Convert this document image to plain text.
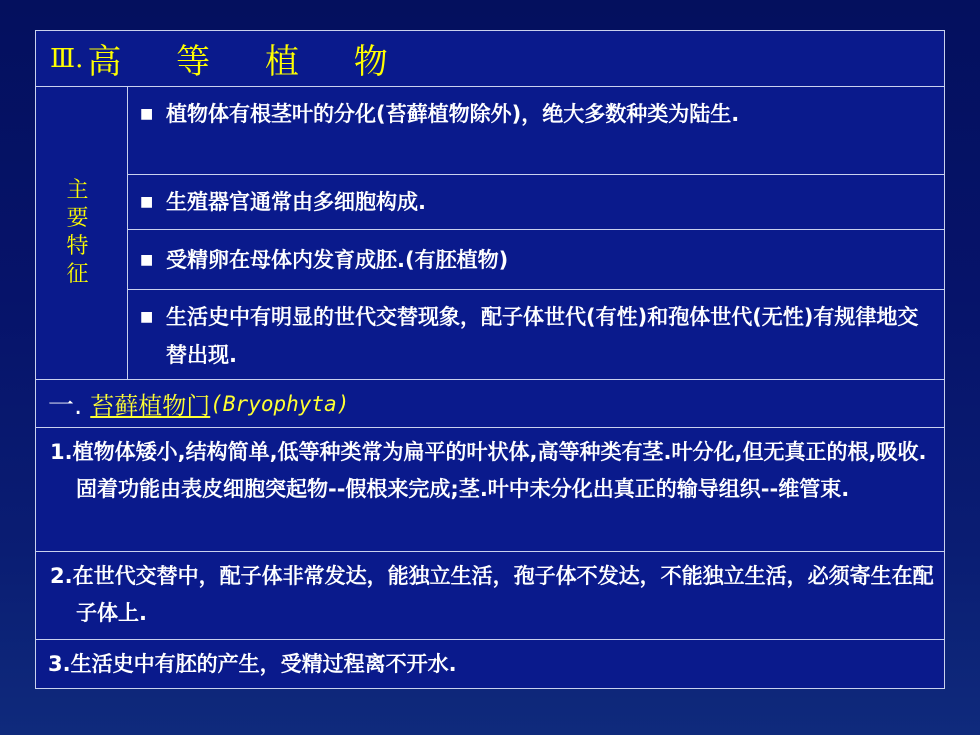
Ⅲ. 高 等 植 物
主 要 特 征
■ 植物体有根茎叶的分化(苔藓植物除外)，绝大多数种类为陆生.
■ 生殖器官通常由多细胞构成.
■ 受精卵在母体内发育成胚.(有胚植物)
■ 生活史中有明显的世代交替现象，配子体世代(有性)和孢体世代(无性)有规律地交替出现.
一. 苔藓植物门 (Bryophyta)
1.植物体矮小,结构简单,低等种类常为扁平的叶状体,高等种类有茎.叶分化,但无真正的根,吸收.固着功能由表皮细胞突起物--假根来完成;茎.叶中未分化出真正的输导组织--维管束.
2.在世代交替中，配子体非常发达，能独立生活，孢子体不发达，不能独立生活，必须寄生在配子体上.
3.生活史中有胚的产生，受精过程离不开水.
